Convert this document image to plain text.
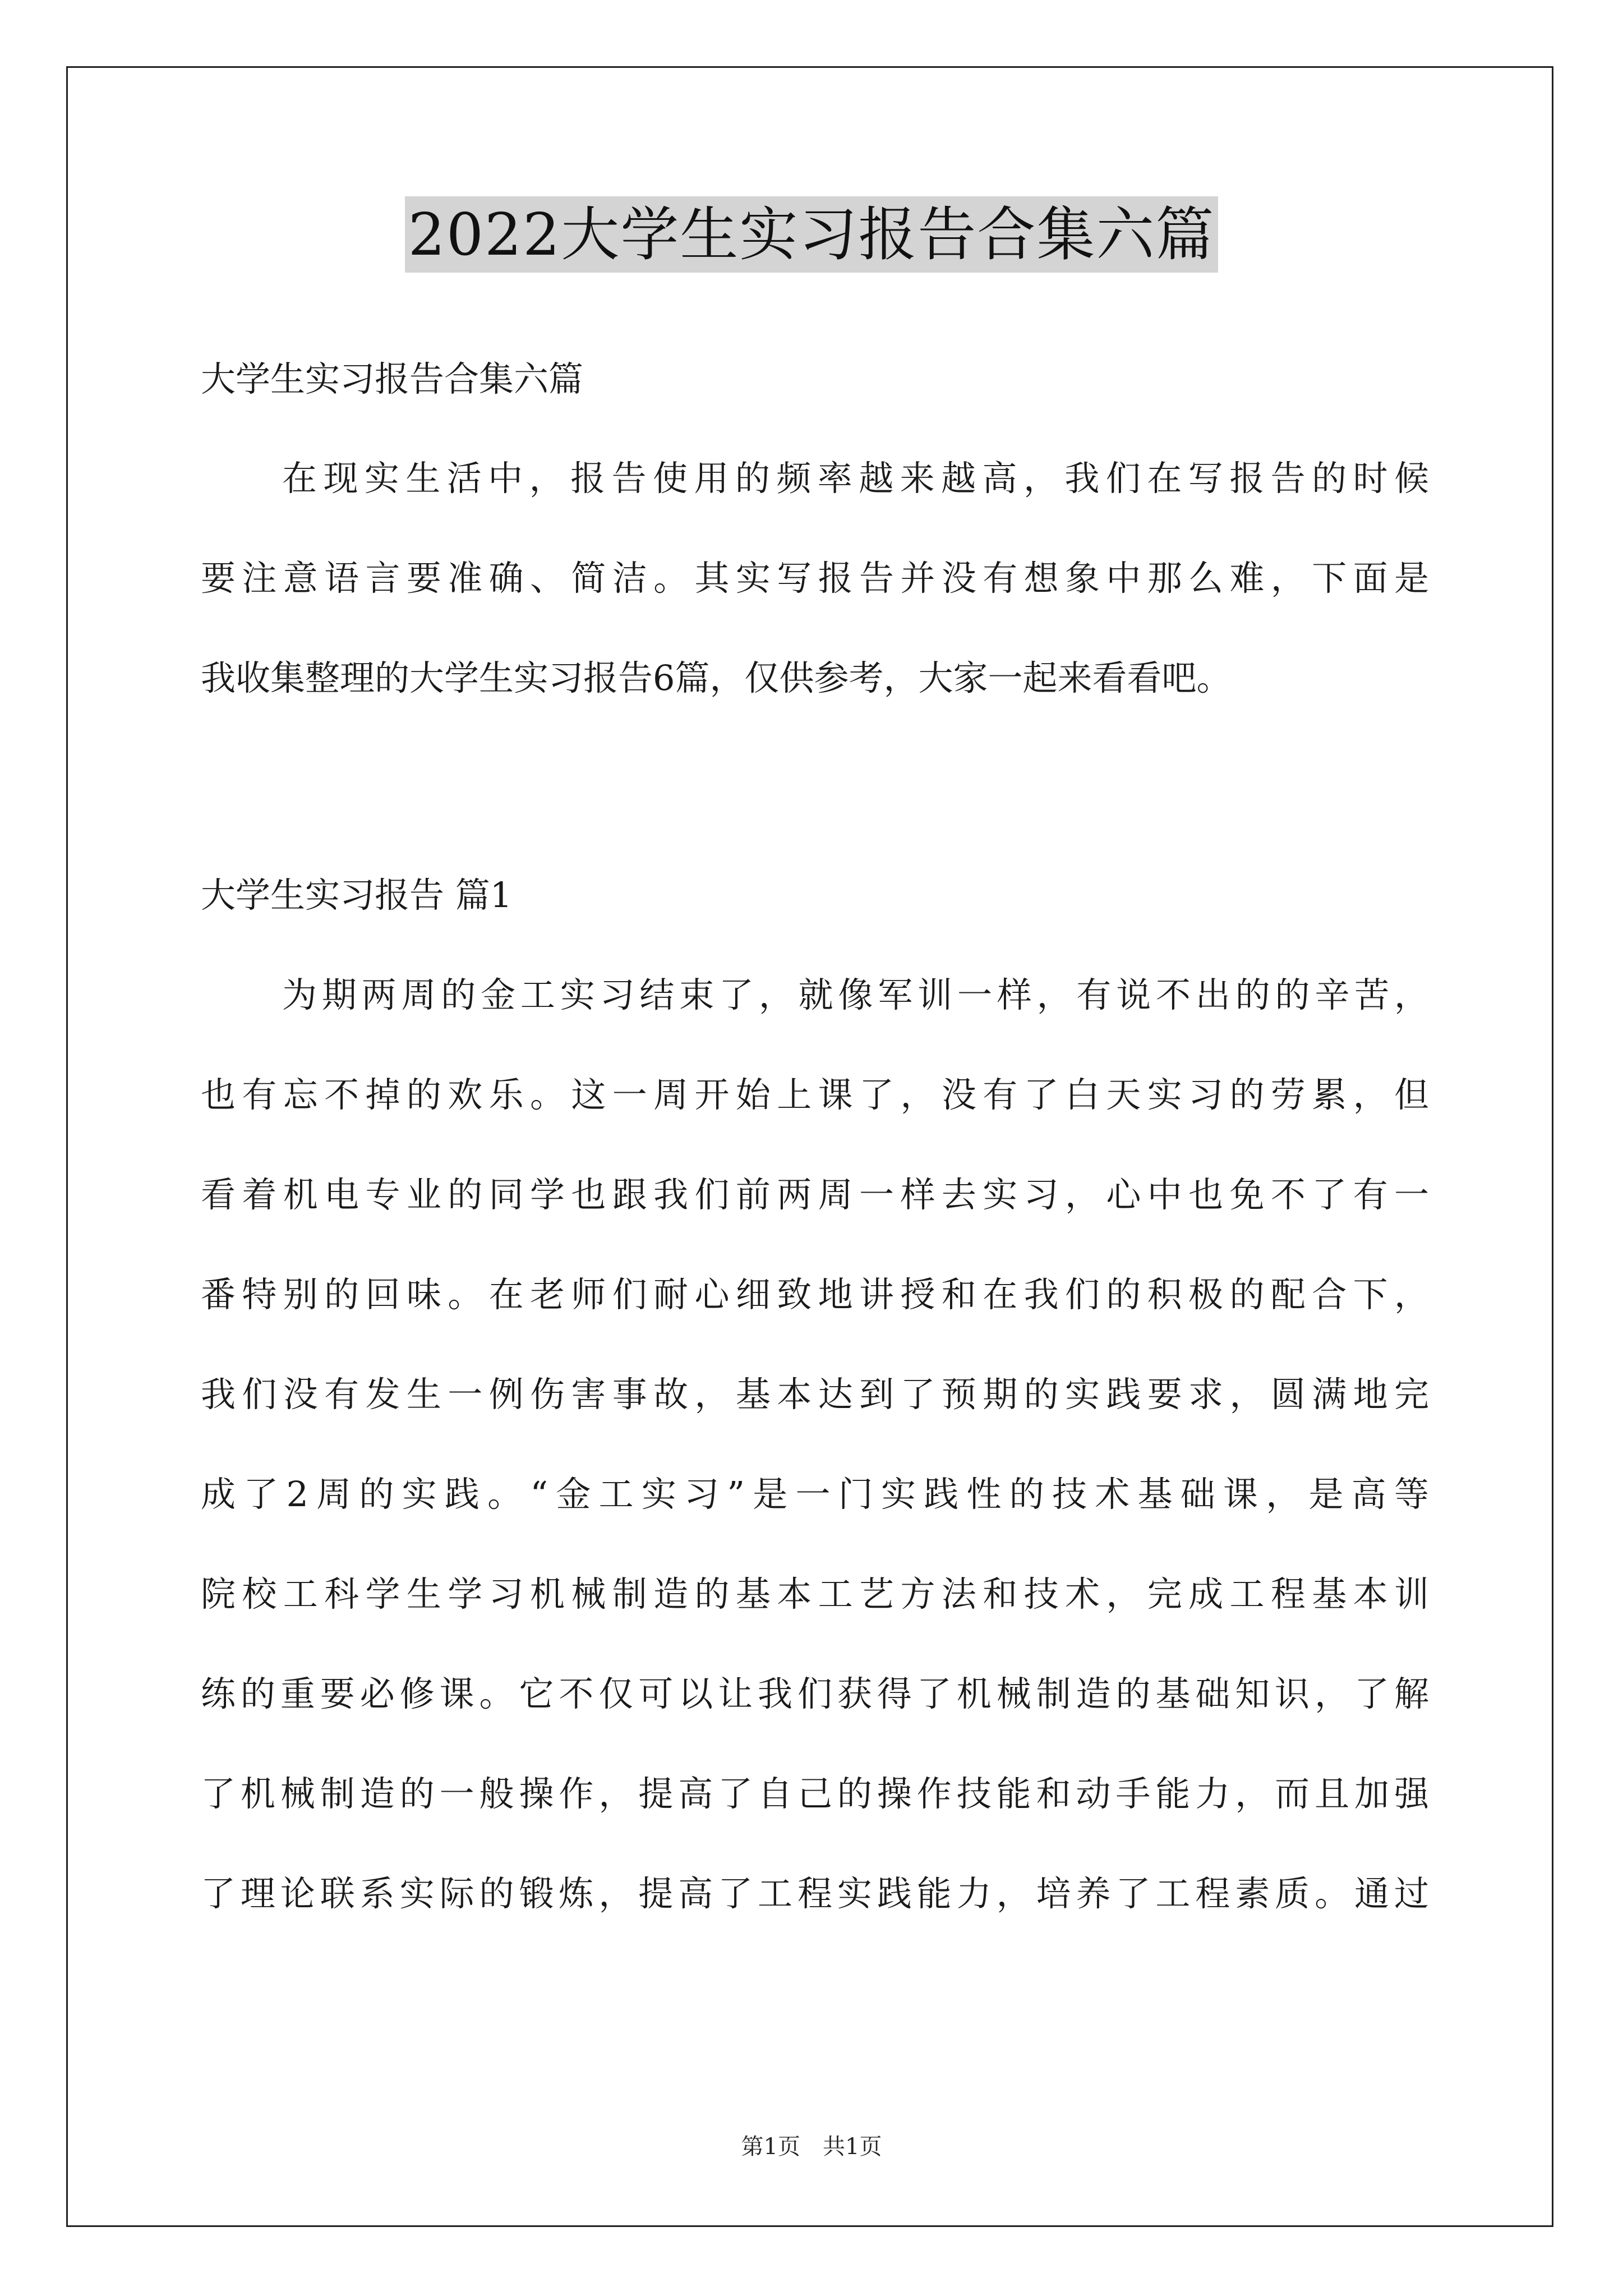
2022大学生实习报告合集六篇
大学生实习报告合集六篇
在现实生活中，报告使用的频率越来越高，我们在写报告的时候
要注意语言要准确、简洁。其实写报告并没有想象中那么难，下面是
我收集整理的大学生实习报告6篇，仅供参考，大家一起来看看吧。
大学生实习报告 篇1
为期两周的金工实习结束了，就像军训一样，有说不出的的辛苦，
也有忘不掉的欢乐。这一周开始上课了，没有了白天实习的劳累，但
看着机电专业的同学也跟我们前两周一样去实习，心中也免不了有一
番特别的回味。在老师们耐心细致地讲授和在我们的积极的配合下，
我们没有发生一例伤害事故，基本达到了预期的实践要求，圆满地完
成了2周的实践。“金工实习”是一门实践性的技术基础课，是高等
院校工科学生学习机械制造的基本工艺方法和技术，完成工程基本训
练的重要必修课。它不仅可以让我们获得了机械制造的基础知识，了解
了机械制造的一般操作，提高了自己的操作技能和动手能力，而且加强
了理论联系实际的锻炼，提高了工程实践能力，培养了工程素质。通过
第1页　共1页
